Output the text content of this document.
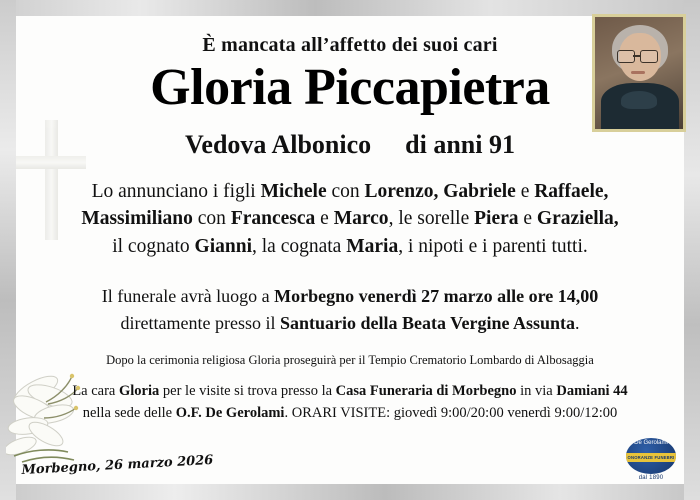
È mancata all’affetto dei suoi cari
Gloria Piccapietra
Vedova Albonico di anni 91
Lo annunciano i figli Michele con Lorenzo, Gabriele e Raffaele,
Massimiliano con Francesca e Marco, le sorelle Piera e Graziella,
il cognato Gianni, la cognata Maria, i nipoti e i parenti tutti.
Il funerale avrà luogo a Morbegno venerdì 27 marzo alle ore 14,00
direttamente presso il Santuario della Beata Vergine Assunta.
Dopo la cerimonia religiosa Gloria proseguirà per il Tempio Crematorio Lombardo di Albosaggia
La cara Gloria per le visite si trova presso la Casa Funeraria di Morbegno in via Damiani 44
nella sede delle O.F. De Gerolami. ORARI VISITE: giovedì 9:00/20:00 venerdì 9:00/12:00
Morbegno, 26 marzo 2026
De Gerolami
ONORANZE FUNEBRI
dal 1890
